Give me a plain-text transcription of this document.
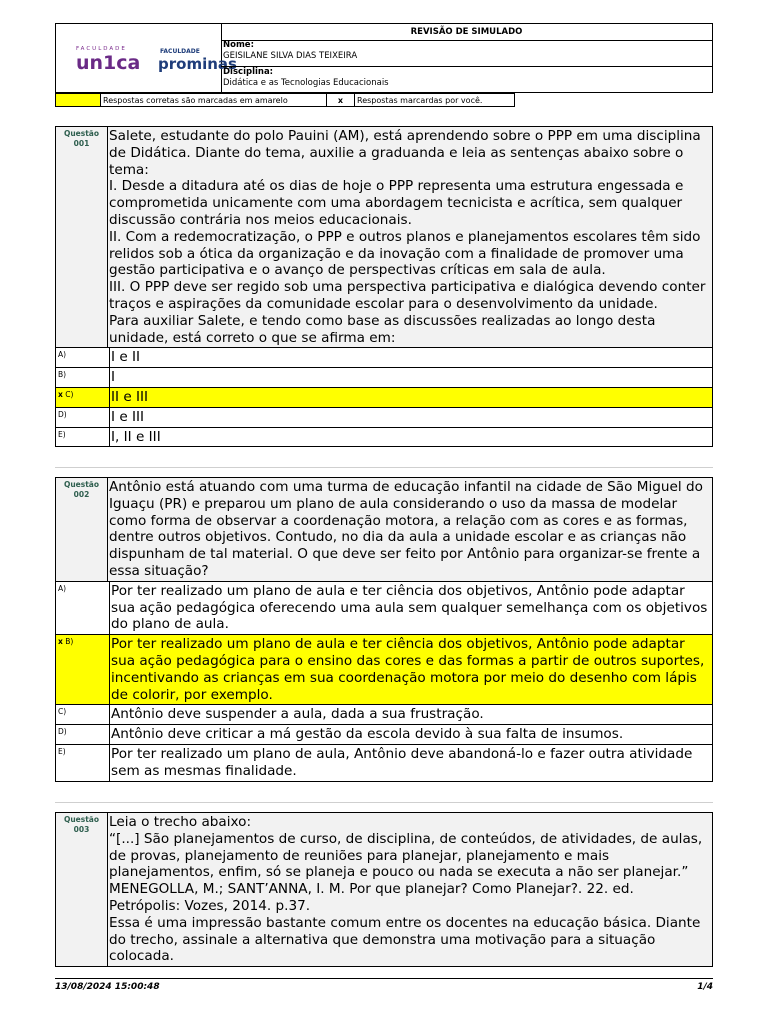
FACULDADE	FACULDADE
un1ca prominas
REVISÃO DE SIMULADO
Nome:
GEISILANE SILVA DIAS TEIXEIRA
Disciplina:
Didática e as Tecnologias Educacionais
Respostas corretas são marcadas em amarelo	x	Respostas marcardas por você.
Questão
001	Salete, estudante do polo Pauini (AM), está aprendendo sobre o PPP em uma disciplina de Didática. Diante do tema, auxilie a graduanda e leia as sentenças abaixo sobre o tema:
I. Desde a ditadura até os dias de hoje o PPP representa uma estrutura engessada e comprometida unicamente com uma abordagem tecnicista e acrítica, sem qualquer discussão contrária nos meios educacionais.
II. Com a redemocratização, o PPP e outros planos e planejamentos escolares têm sido relidos sob a ótica da organização e da inovação com a finalidade de promover uma gestão participativa e o avanço de perspectivas críticas em sala de aula.
III. O PPP deve ser regido sob uma perspectiva participativa e dialógica devendo conter traços e aspirações da comunidade escolar para o desenvolvimento da unidade.
Para auxiliar Salete, e tendo como base as discussões realizadas ao longo desta unidade, está correto o que se afirma em:
A)	I e II
B)	I
x C)	II e III
D)	I e III
E)	I, II e III
Questão
002	Antônio está atuando com uma turma de educação infantil na cidade de São Miguel do Iguaçu (PR) e preparou um plano de aula considerando o uso da massa de modelar como forma de observar a coordenação motora, a relação com as cores e as formas, dentre outros objetivos. Contudo, no dia da aula a unidade escolar e as crianças não dispunham de tal material. O que deve ser feito por Antônio para organizar-se frente a essa situação?
A)	Por ter realizado um plano de aula e ter ciência dos objetivos, Antônio pode adaptar sua ação pedagógica oferecendo uma aula sem qualquer semelhança com os objetivos do plano de aula.
x B)	Por ter realizado um plano de aula e ter ciência dos objetivos, Antônio pode adaptar sua ação pedagógica para o ensino das cores e das formas a partir de outros suportes, incentivando as crianças em sua coordenação motora por meio do desenho com lápis de colorir, por exemplo.
C)	Antônio deve suspender a aula, dada a sua frustração.
D)	Antônio deve criticar a má gestão da escola devido à sua falta de insumos.
E)	Por ter realizado um plano de aula, Antônio deve abandoná-lo e fazer outra atividade sem as mesmas finalidade.
Questão
003	Leia o trecho abaixo:
“[...] São planejamentos de curso, de disciplina, de conteúdos, de atividades, de aulas, de provas, planejamento de reuniões para planejar, planejamento e mais planejamentos, enfim, só se planeja e pouco ou nada se executa a não ser planejar.” MENEGOLLA, M.; SANT’ANNA, I. M. Por que planejar? Como Planejar?. 22. ed. Petrópolis: Vozes, 2014. p.37.
Essa é uma impressão bastante comum entre os docentes na educação básica. Diante do trecho, assinale a alternativa que demonstra uma motivação para a situação colocada.
13/08/2024 15:00:48	1/4
